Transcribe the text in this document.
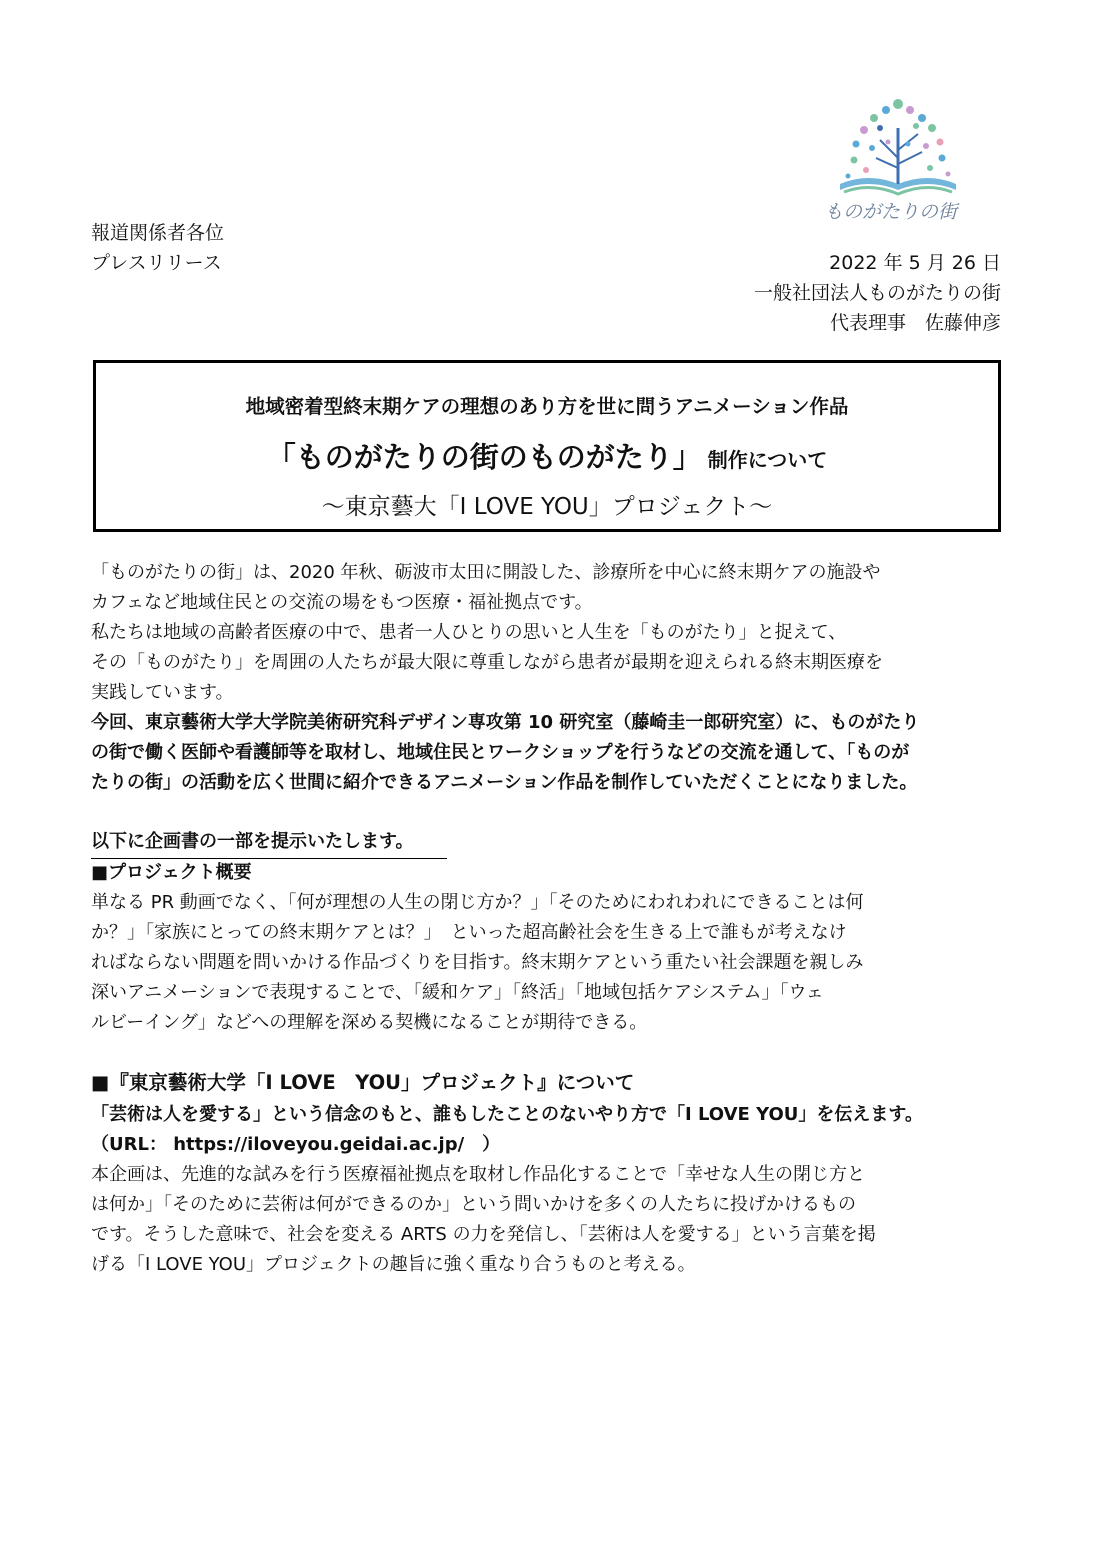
ものがたりの街
報道関係者各位
プレスリリース	2022 年 5 月 26 日
一般社団法人ものがたりの街
代表理事　佐藤伸彦
地域密着型終末期ケアの理想のあり方を世に問うアニメーション作品
「ものがたりの街のものがたり」 制作について
～東京藝大「I LOVE YOU」プロジェクト～
「ものがたりの街」は、2020 年秋、砺波市太田に開設した、診療所を中心に終末期ケアの施設や
カフェなど地域住民との交流の場をもつ医療・福祉拠点です。
私たちは地域の高齢者医療の中で、患者一人ひとりの思いと人生を「ものがたり」と捉えて、
その「ものがたり」を周囲の人たちが最大限に尊重しながら患者が最期を迎えられる終末期医療を
実践しています。
今回、東京藝術大学大学院美術研究科デザイン専攻第 10 研究室（藤崎圭一郎研究室）に、ものがたり
の街で働く医師や看護師等を取材し、地域住民とワークショップを行うなどの交流を通して、「ものが
たりの街」の活動を広く世間に紹介できるアニメーション作品を制作していただくことになりました。
以下に企画書の一部を提示いたします。
■プロジェクト概要
単なる PR 動画でなく、「何が理想の人生の閉じ方か？」「そのためにわれわれにできることは何
か？」「家族にとっての終末期ケアとは？」　といった超高齢社会を生きる上で誰もが考えなけ
ればならない問題を問いかける作品づくりを目指す。終末期ケアという重たい社会課題を親しみ
深いアニメーションで表現することで、「緩和ケア」「終活」「地域包括ケアシステム」「ウェ
ルビーイング」などへの理解を深める契機になることが期待できる。
■『東京藝術大学「I LOVE　YOU」プロジェクト』について
「芸術は人を愛する」という信念のもと、誰もしたことのないやり方で「I LOVE YOU」を伝えます。
（URL： https://iloveyou.geidai.ac.jp/　）
本企画は、先進的な試みを行う医療福祉拠点を取材し作品化することで「幸せな人生の閉じ方と
は何か」「そのために芸術は何ができるのか」という問いかけを多くの人たちに投げかけるもの
です。そうした意味で、社会を変える ARTS の力を発信し、「芸術は人を愛する」という言葉を掲
げる「I LOVE YOU」プロジェクトの趣旨に強く重なり合うものと考える。
